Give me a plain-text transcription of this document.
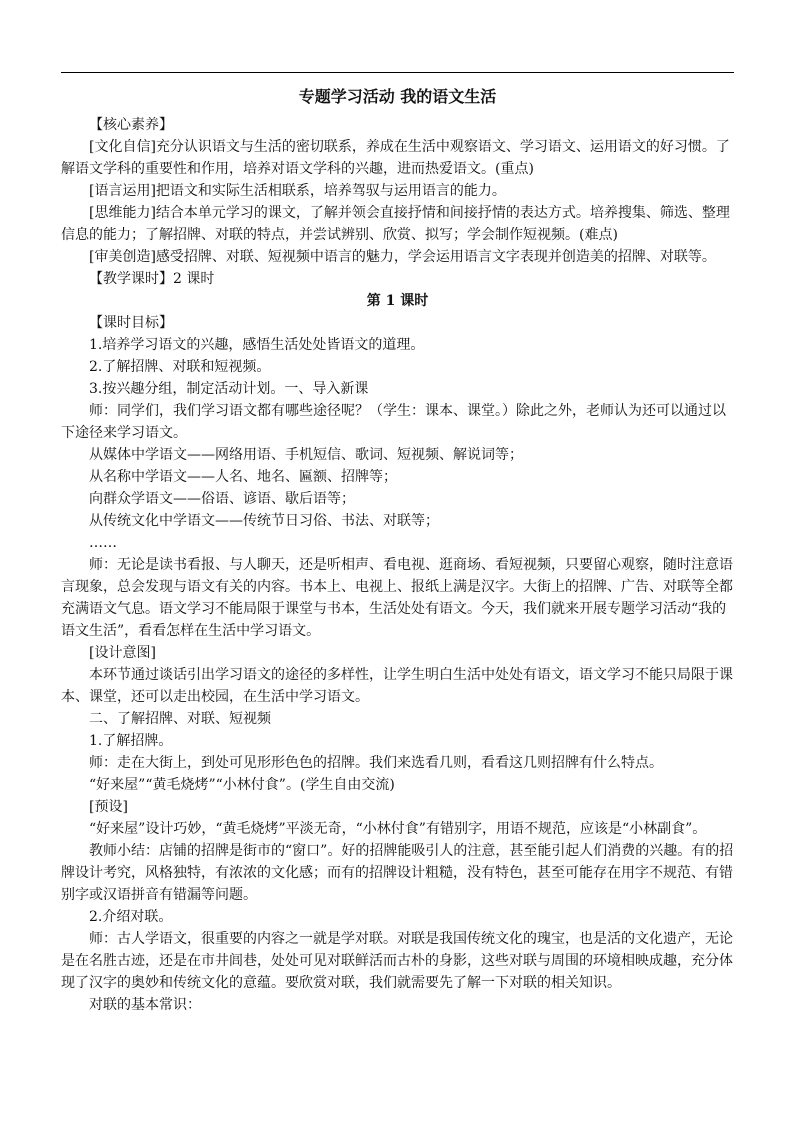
专题学习活动 我的语文生活

【核心素养】

[文化自信]充分认识语文与生活的密切联系，养成在生活中观察语文、学习语文、运用语文的好习惯。了解语文学科的重要性和作用，培养对语文学科的兴趣，进而热爱语文。(重点)

[语言运用]把语文和实际生活相联系，培养驾驭与运用语言的能力。

[思维能力]结合本单元学习的课文，了解并领会直接抒情和间接抒情的表达方式。培养搜集、筛选、整理信息的能力；了解招牌、对联的特点，并尝试辨别、欣赏、拟写；学会制作短视频。(难点)

[审美创造]感受招牌、对联、短视频中语言的魅力，学会运用语言文字表现并创造美的招牌、对联等。

【教学课时】2 课时

第 1 课时

【课时目标】

1.培养学习语文的兴趣，感悟生活处处皆语文的道理。

2.了解招牌、对联和短视频。

3.按兴趣分组，制定活动计划。一、导入新课

师：同学们，我们学习语文都有哪些途径呢？（学生：课本、课堂。）除此之外，老师认为还可以通过以下途径来学习语文。

从媒体中学语文——网络用语、手机短信、歌词、短视频、解说词等；

从名称中学语文——人名、地名、匾额、招牌等；

向群众学语文——俗语、谚语、歇后语等；

从传统文化中学语文——传统节日习俗、书法、对联等；

……

师：无论是读书看报、与人聊天，还是听相声、看电视、逛商场、看短视频，只要留心观察，随时注意语言现象，总会发现与语文有关的内容。书本上、电视上、报纸上满是汉字。大街上的招牌、广告、对联等全都充满语文气息。语文学习不能局限于课堂与书本，生活处处有语文。今天，我们就来开展专题学习活动“我的语文生活”，看看怎样在生活中学习语文。

[设计意图]

本环节通过谈话引出学习语文的途径的多样性，让学生明白生活中处处有语文，语文学习不能只局限于课本、课堂，还可以走出校园，在生活中学习语文。

二、了解招牌、对联、短视频

1.了解招牌。

师：走在大街上，到处可见形形色色的招牌。我们来选看几则，看看这几则招牌有什么特点。

“好来屋”“黄毛烧烤”“小林付食”。(学生自由交流)

[预设]

“好来屋”设计巧妙，“黄毛烧烤”平淡无奇，“小林付食”有错别字，用语不规范，应该是“小林副食”。

教师小结：店铺的招牌是街市的“窗口”。好的招牌能吸引人的注意，甚至能引起人们消费的兴趣。有的招牌设计考究，风格独特，有浓浓的文化感；而有的招牌设计粗糙，没有特色，甚至可能存在用字不规范、有错别字或汉语拼音有错漏等问题。

2.介绍对联。

师：古人学语文，很重要的内容之一就是学对联。对联是我国传统文化的瑰宝，也是活的文化遗产，无论是在名胜古迹，还是在市井闾巷，处处可见对联鲜活而古朴的身影，这些对联与周围的环境相映成趣，充分体现了汉字的奥妙和传统文化的意蕴。要欣赏对联，我们就需要先了解一下对联的相关知识。

对联的基本常识：
